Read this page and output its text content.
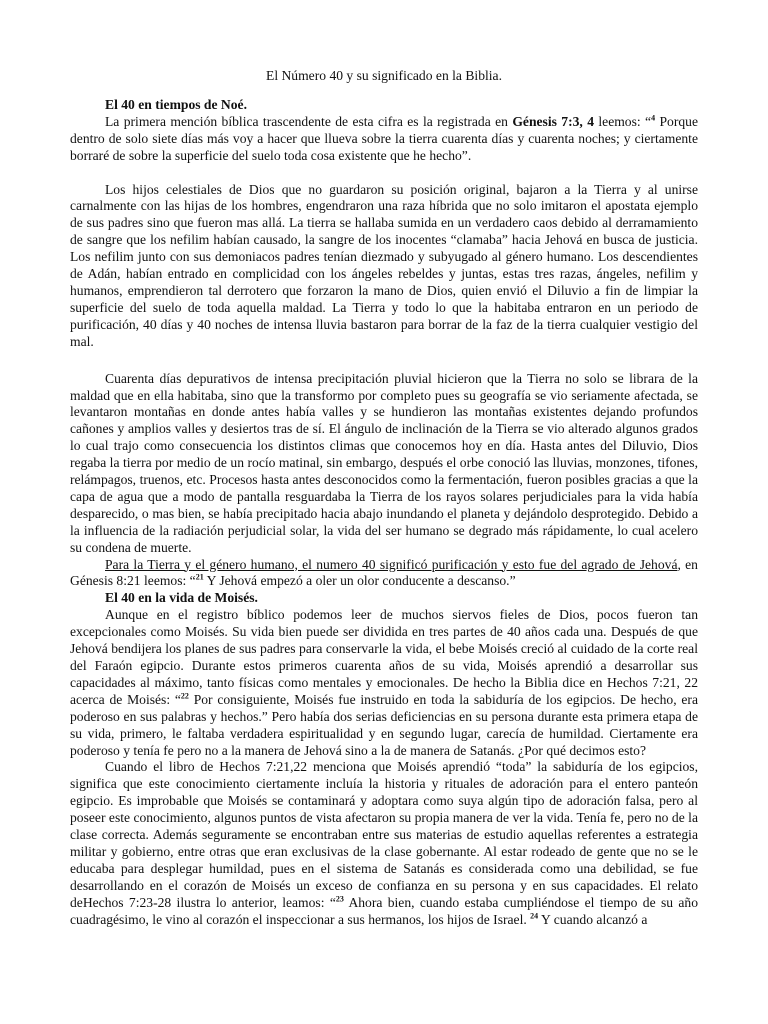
El Número 40 y su significado en la Biblia.
El 40 en tiempos de Noé.

La primera mención bíblica trascendente de esta cifra es la registrada en Génesis 7:3, 4 leemos: “$^4$ Porque dentro de solo siete días más voy a hacer que llueva sobre la tierra cuarenta días y cuarenta noches; y ciertamente borraré de sobre la superficie del suelo toda cosa existente que he hecho”.

Los hijos celestiales de Dios que no guardaron su posición original, bajaron a la Tierra y al unirse carnalmente con las hijas de los hombres, engendraron una raza híbrida que no solo imitaron el apostata ejemplo de sus padres sino que fueron mas allá. La tierra se hallaba sumida en un verdadero caos debido al derramamiento de sangre que los nefilim habían causado, la sangre de los inocentes “clamaba” hacia Jehová en busca de justicia. Los nefilim junto con sus demoniacos padres tenían diezmado y subyugado al género humano. Los descendientes de Adán, habían entrado en complicidad con los ángeles rebeldes y juntas, estas tres razas, ángeles, nefilim y humanos, emprendieron tal derrotero que forzaron la mano de Dios, quien envió el Diluvio a fin de limpiar la superficie del suelo de toda aquella maldad. La Tierra y todo lo que la habitaba entraron en un periodo de purificación, 40 días y 40 noches de intensa lluvia bastaron para borrar de la faz de la tierra cualquier vestigio del mal.

Cuarenta días depurativos de intensa precipitación pluvial hicieron que la Tierra no solo se librara de la maldad que en ella habitaba, sino que la transformo por completo pues su geografía se vio seriamente afectada, se levantaron montañas en donde antes había valles y se hundieron las montañas existentes dejando profundos cañones y amplios valles y desiertos tras de sí. El ángulo de inclinación de la Tierra se vio alterado algunos grados lo cual trajo como consecuencia los distintos climas que conocemos hoy en día. Hasta antes del Diluvio, Dios regaba la tierra por medio de un rocío matinal, sin embargo, después el orbe conoció las lluvias, monzones, tifones, relámpagos, truenos, etc. Procesos hasta antes desconocidos como la fermentación, fueron posibles gracias a que la capa de agua que a modo de pantalla resguardaba la Tierra de los rayos solares perjudiciales para la vida había desparecido, o mas bien, se había precipitado hacia abajo inundando el planeta y dejándolo desprotegido. Debido a la influencia de la radiación perjudicial solar, la vida del ser humano se degrado más rápidamente, lo cual acelero su condena de muerte.

Para la Tierra y el género humano, el numero 40 significó purificación y esto fue del agrado de Jehová, en Génesis 8:21 leemos: “$^{21}$ Y Jehová empezó a oler un olor conducente a descanso.”

El 40 en la vida de Moisés.

Aunque en el registro bíblico podemos leer de muchos siervos fieles de Dios, pocos fueron tan excepcionales como Moisés. Su vida bien puede ser dividida en tres partes de 40 años cada una. Después de que Jehová bendijera los planes de sus padres para conservarle la vida, el bebe Moisés creció al cuidado de la corte real del Faraón egipcio. Durante estos primeros cuarenta años de su vida, Moisés aprendió a desarrollar sus capacidades al máximo, tanto físicas como mentales y emocionales. De hecho la Biblia dice en Hechos 7:21, 22 acerca de Moisés: “$^{22}$ Por consiguiente, Moisés fue instruido en toda la sabiduría de los egipcios. De hecho, era poderoso en sus palabras y hechos.” Pero había dos serias deficiencias en su persona durante esta primera etapa de su vida, primero, le faltaba verdadera espiritualidad y en segundo lugar, carecía de humildad. Ciertamente era poderoso y tenía fe pero no a la manera de Jehová sino a la de manera de Satanás. ¿Por qué decimos esto?

Cuando el libro de Hechos 7:21,22 menciona que Moisés aprendió “toda” la sabiduría de los egipcios, significa que este conocimiento ciertamente incluía la historia y rituales de adoración para el entero panteón egipcio. Es improbable que Moisés se contaminará y adoptara como suya algún tipo de adoración falsa, pero al poseer este conocimiento, algunos puntos de vista afectaron su propia manera de ver la vida. Tenía fe, pero no de la clase correcta. Además seguramente se encontraban entre sus materias de estudio aquellas referentes a estrategia militar y gobierno, entre otras que eran exclusivas de la clase gobernante. Al estar rodeado de gente que no se le educaba para desplegar humildad, pues en el sistema de Satanás es considerada como una debilidad, se fue desarrollando en el corazón de Moisés un exceso de confianza en su persona y en sus capacidades. El relato deHechos 7:23-28 ilustra lo anterior, leamos: “$^{23}$ Ahora bien, cuando estaba cumpliéndose el tiempo de su año cuadragésimo, le vino al corazón el inspeccionar a sus hermanos, los hijos de Israel. $^{24}$ Y cuando alcanzó a
